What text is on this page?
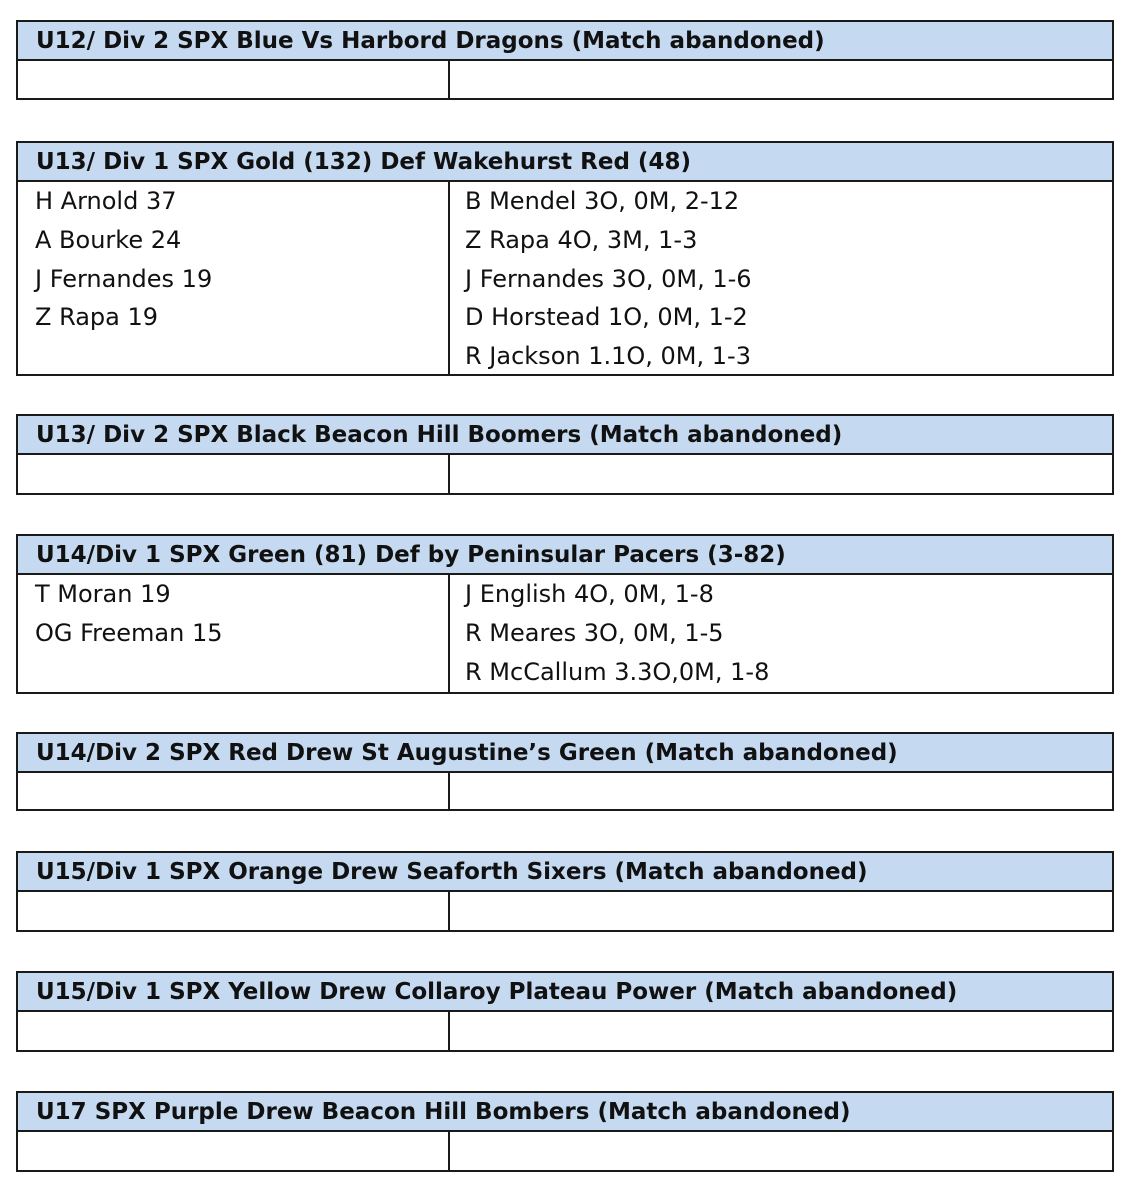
U12/ Div 2 SPX Blue Vs Harbord Dragons (Match abandoned)
U13/ Div 1 SPX Gold (132) Def Wakehurst Red (48)
H Arnold 37
A Bourke 24
J Fernandes 19
Z Rapa 19
B Mendel 3O, 0M, 2-12
Z Rapa 4O, 3M, 1-3
J Fernandes 3O, 0M, 1-6
D Horstead 1O, 0M, 1-2
R Jackson 1.1O, 0M, 1-3
U13/ Div 2 SPX Black Beacon Hill Boomers (Match abandoned)
U14/Div 1 SPX Green (81) Def by Peninsular Pacers (3-82)
T Moran 19
OG Freeman 15
J English 4O, 0M, 1-8
R Meares 3O, 0M, 1-5
R McCallum 3.3O,0M, 1-8
U14/Div 2 SPX Red Drew St Augustine’s Green (Match abandoned)
U15/Div 1 SPX Orange Drew Seaforth Sixers (Match abandoned)
U15/Div 1 SPX Yellow Drew Collaroy Plateau Power (Match abandoned)
U17 SPX Purple Drew Beacon Hill Bombers (Match abandoned)
